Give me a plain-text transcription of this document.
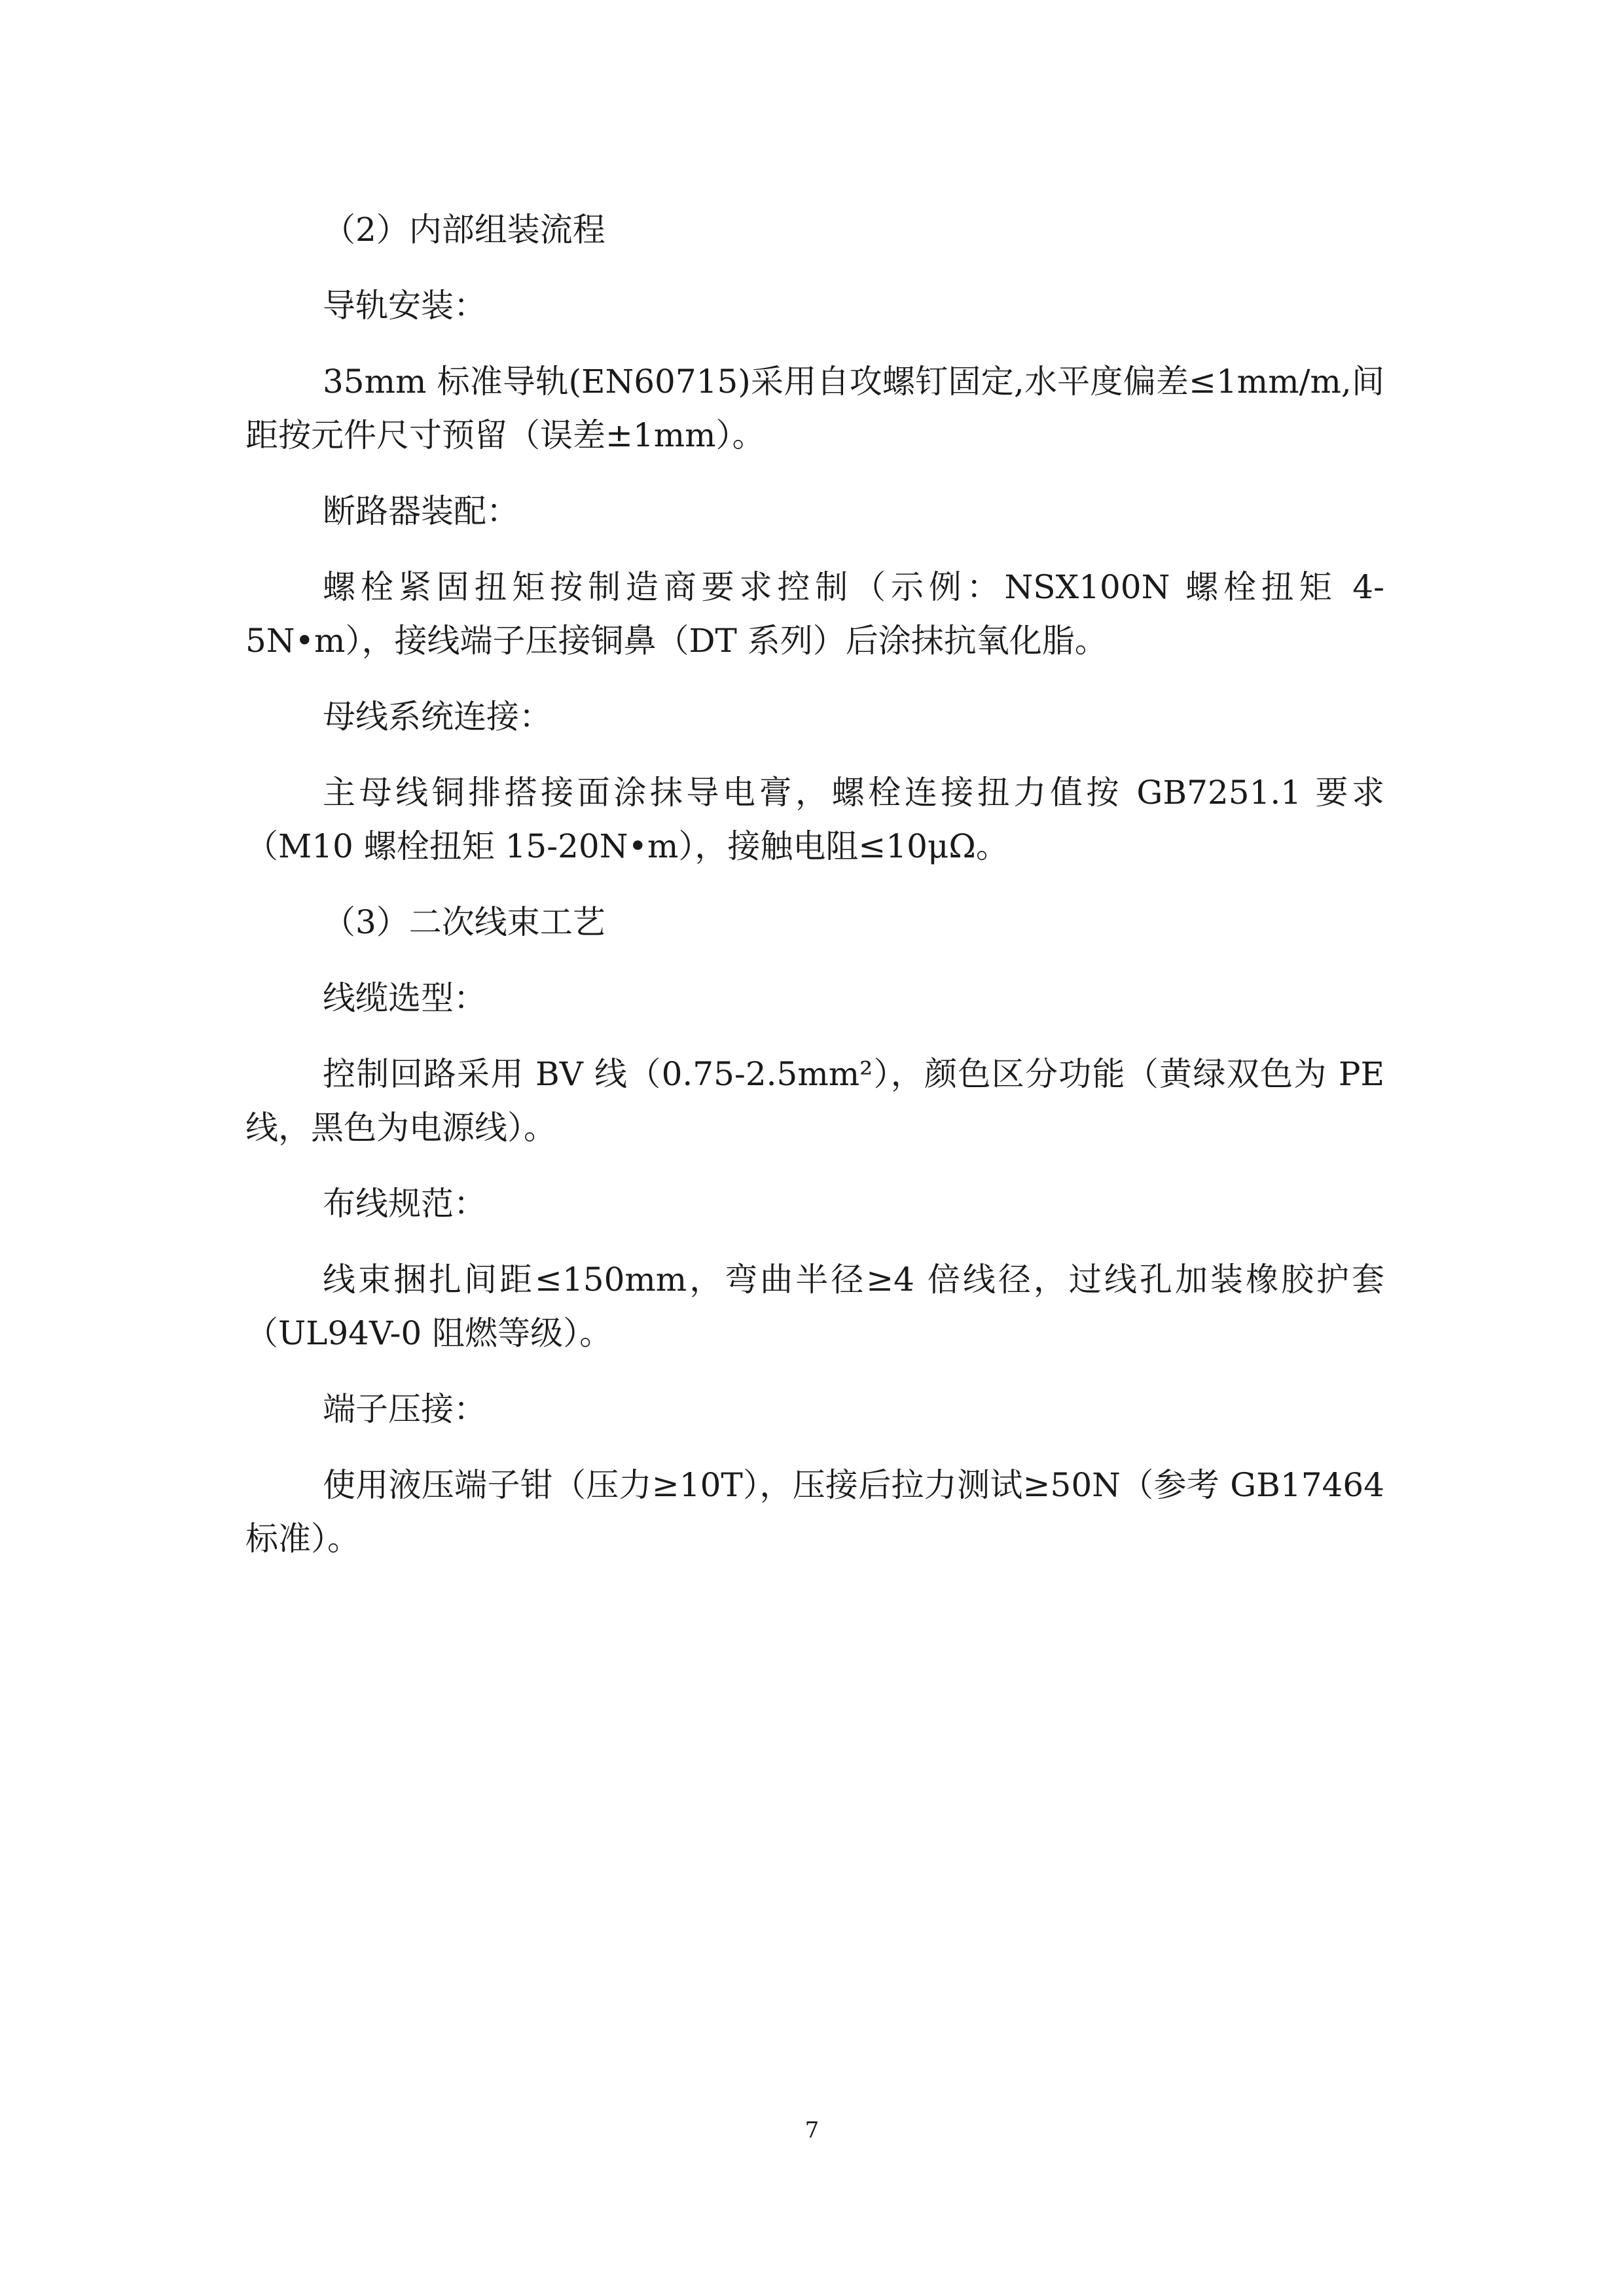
（2）内部组装流程

导轨安装：

35mm 标准导轨(EN60715)采用自攻螺钉固定,水平度偏差≤1mm/m,间距按元件尺寸预留（误差±1mm）。

断路器装配：

螺栓紧固扭矩按制造商要求控制（示例：NSX100N 螺栓扭矩 4-5N•m），接线端子压接铜鼻（DT 系列）后涂抹抗氧化脂。

母线系统连接：

主母线铜排搭接面涂抹导电膏，螺栓连接扭力值按 GB7251.1 要求（M10 螺栓扭矩 15-20N•m），接触电阻≤10μΩ。

（3）二次线束工艺

线缆选型：

控制回路采用 BV 线（0.75-2.5mm²），颜色区分功能（黄绿双色为 PE 线，黑色为电源线）。

布线规范：

线束捆扎间距≤150mm，弯曲半径≥4 倍线径，过线孔加装橡胶护套（UL94V-0 阻燃等级）。

端子压接：

使用液压端子钳（压力≥10T），压接后拉力测试≥50N（参考 GB17464 标准）。

7
